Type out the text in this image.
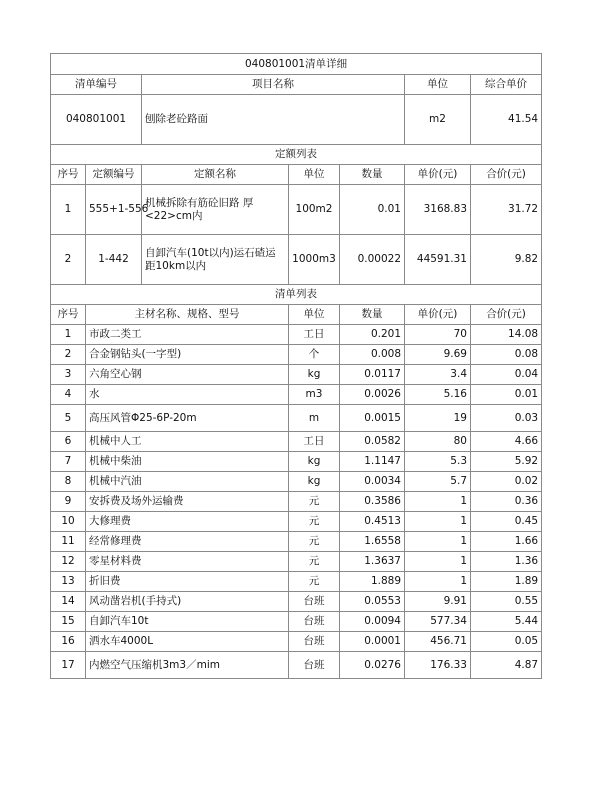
040801001清单详细						
清单编号		项目名称			单位	综合单价
040801001		刨除老砼路面			m2	41.54
定额列表						
序号	定额编号	定额名称	单位	数量	单价(元)	合价(元)
1	555+1-556	机械拆除有筋砼旧路 厚<22>cm内	100m2	0.01	3168.83	31.72
2	1-442	自卸汽车(10t以内)运石碴运距10km以内	1000m3	0.00022	44591.31	9.82
清单列表						
序号	主材名称、规格、型号		单位	数量	单价(元)	合价(元)
1	市政二类工		工日	0.201	70	14.08
2	合金钢钻头(一字型)		个	0.008	9.69	0.08
3	六角空心钢		kg	0.0117	3.4	0.04
4	水		m3	0.0026	5.16	0.01
5	高压风管Φ25-6P-20m		m	0.0015	19	0.03
6	机械中人工		工日	0.0582	80	4.66
7	机械中柴油		kg	1.1147	5.3	5.92
8	机械中汽油		kg	0.0034	5.7	0.02
9	安拆费及场外运输费		元	0.3586	1	0.36
10	大修理费		元	0.4513	1	0.45
11	经常修理费		元	1.6558	1	1.66
12	零星材料费		元	1.3637	1	1.36
13	折旧费		元	1.889	1	1.89
14	风动凿岩机(手持式)		台班	0.0553	9.91	0.55
15	自卸汽车10t		台班	0.0094	577.34	5.44
16	洒水车4000L		台班	0.0001	456.71	0.05
17	内燃空气压缩机3m3／mim		台班	0.0276	176.33	4.87
